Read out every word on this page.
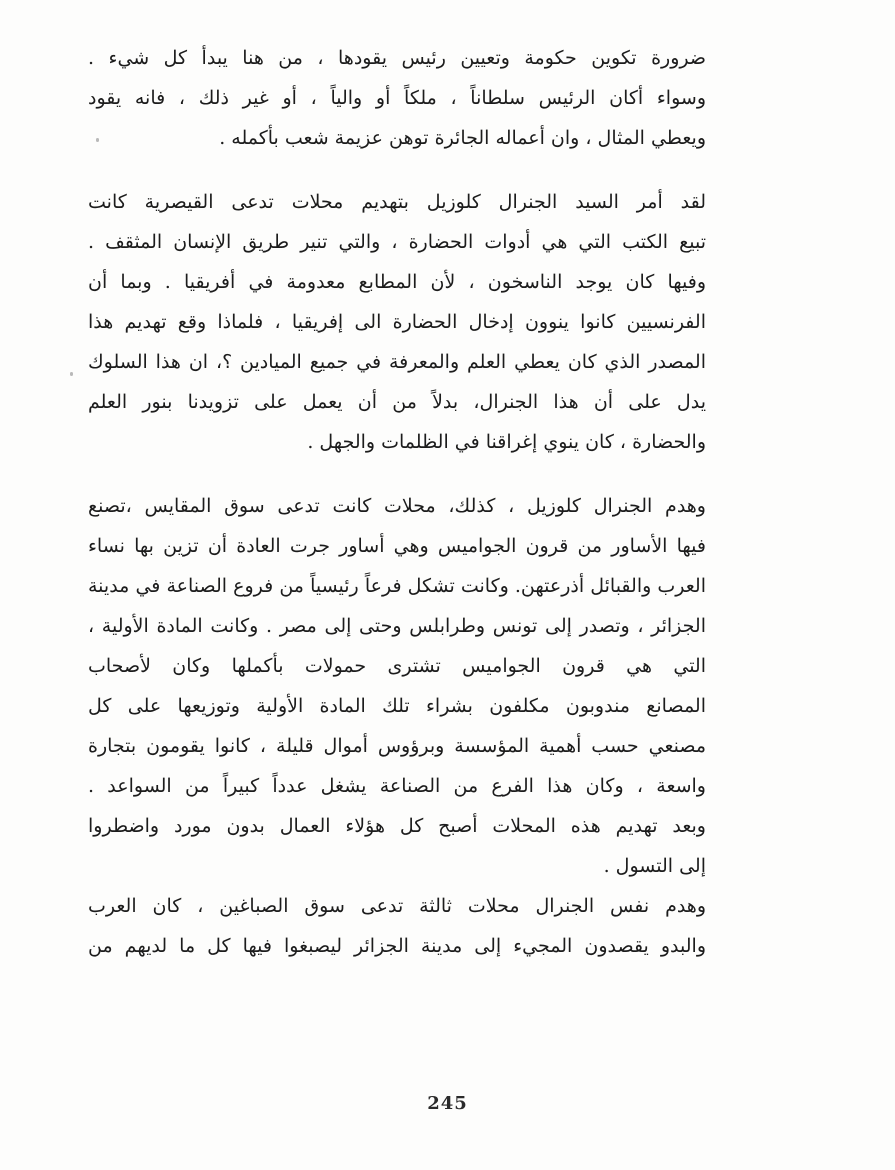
ضرورة تكوين حكومة وتعيين رئيس يقودها ، من هنا يبدأ كل شيء .
وسواء أكان الرئيس سلطاناً ، ملكاً أو والياً ، أو غير ذلك ، فانه يقود
ويعطي المثال ، وان أعماله الجائرة توهن عزيمة شعب بأكمله .
لقد أمر السيد الجنرال كلوزيل بتهديم محلات تدعى القيصرية كانت
تبيع الكتب التي هي أدوات الحضارة ، والتي تنير طريق الإنسان المثقف .
وفيها كان يوجد الناسخون ، لأن المطابع معدومة في أفريقيا . وبما أن
الفرنسيين كانوا ينوون إدخال الحضارة الى إفريقيا ، فلماذا وقع تهديم هذا
المصدر الذي كان يعطي العلم والمعرفة في جميع الميادين ؟، ان هذا السلوك
يدل على أن هذا الجنرال، بدلاً من أن يعمل على تزويدنا بنور العلم
والحضارة ، كان ينوي إغراقنا في الظلمات والجهل .
وهدم الجنرال كلوزيل ، كذلك، محلات كانت تدعى سوق المقايس ،تصنع
فيها الأساور من قرون الجواميس وهي أساور جرت العادة أن تزين بها نساء
العرب والقبائل أذرعتهن. وكانت تشكل فرعاً رئيسياً من فروع الصناعة في مدينة
الجزائر ، وتصدر إلى تونس وطرابلس وحتى إلى مصر . وكانت المادة الأولية ،
التي هي قرون الجواميس تشترى حمولات بأكملها وكان لأصحاب
المصانع مندوبون مكلفون بشراء تلك المادة الأولية وتوزيعها على كل
مصنعي حسب أهمية المؤسسة وبرؤوس أموال قليلة ، كانوا يقومون بتجارة
واسعة ، وكان هذا الفرع من الصناعة يشغل عدداً كبيراً من السواعد .
وبعد تهديم هذه المحلات أصبح كل هؤلاء العمال بدون مورد واضطروا
إلى التسول .
وهدم نفس الجنرال محلات ثالثة تدعى سوق الصباغين ، كان العرب
والبدو يقصدون المجيء إلى مدينة الجزائر ليصبغوا فيها كل ما لديهم من
245
